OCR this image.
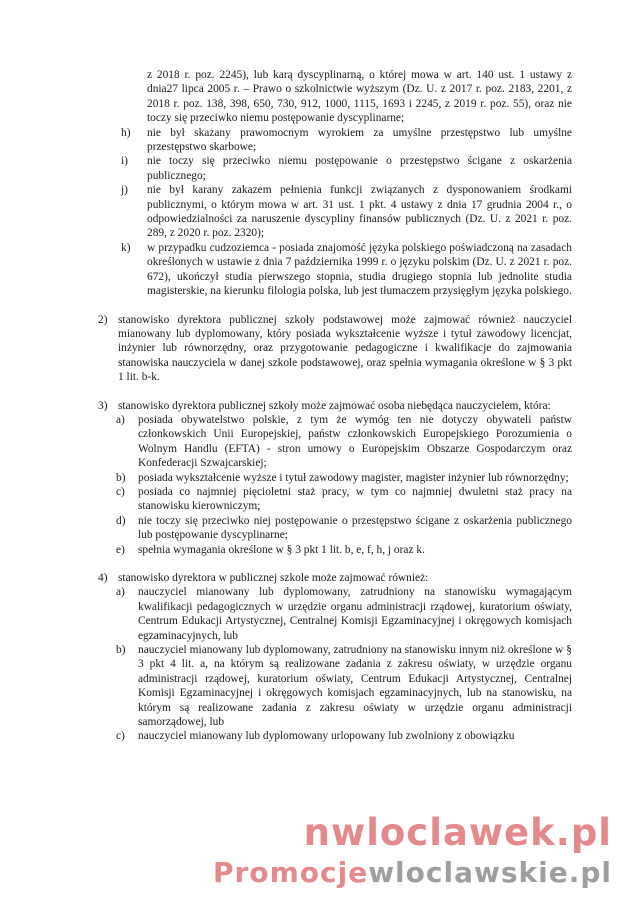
z 2018 r. poz. 2245), lub karą dyscyplinarną, o której mowa w art. 140 ust. 1 ustawy z dnia27 lipca 2005 r. – Prawo o szkolnictwie wyższym (Dz. U. z 2017 r. poz. 2183, 2201, z 2018 r. poz. 138, 398, 650, 730, 912, 1000, 1115, 1693 i 2245, z 2019 r. poz. 55), oraz nie toczy się przeciwko niemu postępowanie dyscyplinarne;
h) nie był skazany prawomocnym wyrokiem za umyślne przestępstwo lub umyślne przestępstwo skarbowe;
i) nie toczy się przeciwko niemu postępowanie o przestępstwo ścigane z oskarżenia publicznego;
j) nie był karany zakazem pełnienia funkcji związanych z dysponowaniem środkami publicznymi, o którym mowa w art. 31 ust. 1 pkt. 4 ustawy z dnia 17 grudnia 2004 r., o odpowiedzialności za naruszenie dyscypliny finansów publicznych (Dz. U. z 2021 r. poz. 289, z 2020 r. poz. 2320);
k) w przypadku cudzoziemca - posiada znajomość języka polskiego poświadczoną na zasadach określonych w ustawie z dnia 7 października 1999 r. o języku polskim (Dz. U. z 2021 r. poz. 672), ukończył studia pierwszego stopnia, studia drugiego stopnia lub jednolite studia magisterskie, na kierunku filologia polska, lub jest tłumaczem przysięgłym języka polskiego.
2) stanowisko dyrektora publicznej szkoły podstawowej może zajmować również nauczyciel mianowany lub dyplomowany, który posiada wykształcenie wyższe i tytuł zawodowy licencjat, inżynier lub równorzędny, oraz przygotowanie pedagogiczne i kwalifikacje do zajmowania stanowiska nauczyciela w danej szkole podstawowej, oraz spełnia wymagania określone w § 3 pkt 1 lit. b-k.
3) stanowisko dyrektora publicznej szkoły może zajmować osoba niebędąca nauczycielem, która:
a) posiada obywatelstwo polskie, z tym że wymóg ten nie dotyczy obywateli państw członkowskich Unii Europejskiej, państw członkowskich Europejskiego Porozumienia o Wolnym Handlu (EFTA) - stron umowy o Europejskim Obszarze Gospodarczym oraz Konfederacji Szwajcarskiej;
b) posiada wykształcenie wyższe i tytuł zawodowy magister, magister inżynier lub równorzędny;
c) posiada co najmniej pięcioletni staż pracy, w tym co najmniej dwuletni staż pracy na stanowisku kierowniczym;
d) nie toczy się przeciwko niej postępowanie o przestępstwo ścigane z oskarżenia publicznego lub postępowanie dyscyplinarne;
e) spełnia wymagania określone w § 3 pkt 1 lit. b, e, f, h, j oraz k.
4) stanowisko dyrektora w publicznej szkole może zajmować również:
a) nauczyciel mianowany lub dyplomowany, zatrudniony na stanowisku wymagającym kwalifikacji pedagogicznych w urzędzie organu administracji rządowej, kuratorium oświaty, Centrum Edukacji Artystycznej, Centralnej Komisji Egzaminacyjnej i okręgowych komisjach egzaminacyjnych, lub
b) nauczyciel mianowany lub dyplomowany, zatrudniony na stanowisku innym niż określone w § 3 pkt 4 lit. a, na którym są realizowane zadania z zakresu oświaty, w urzędzie organu administracji rządowej, kuratorium oświaty, Centrum Edukacji Artystycznej, Centralnej Komisji Egzaminacyjnej i okręgowych komisjach egzaminacyjnych, lub na stanowisku, na którym są realizowane zadania z zakresu oświaty w urzędzie organu administracji samorządowej, lub
c) nauczyciel mianowany lub dyplomowany urlopowany lub zwolniony z obowiązku
nwloclawek.pl
Promocjewloclawskie.pl
